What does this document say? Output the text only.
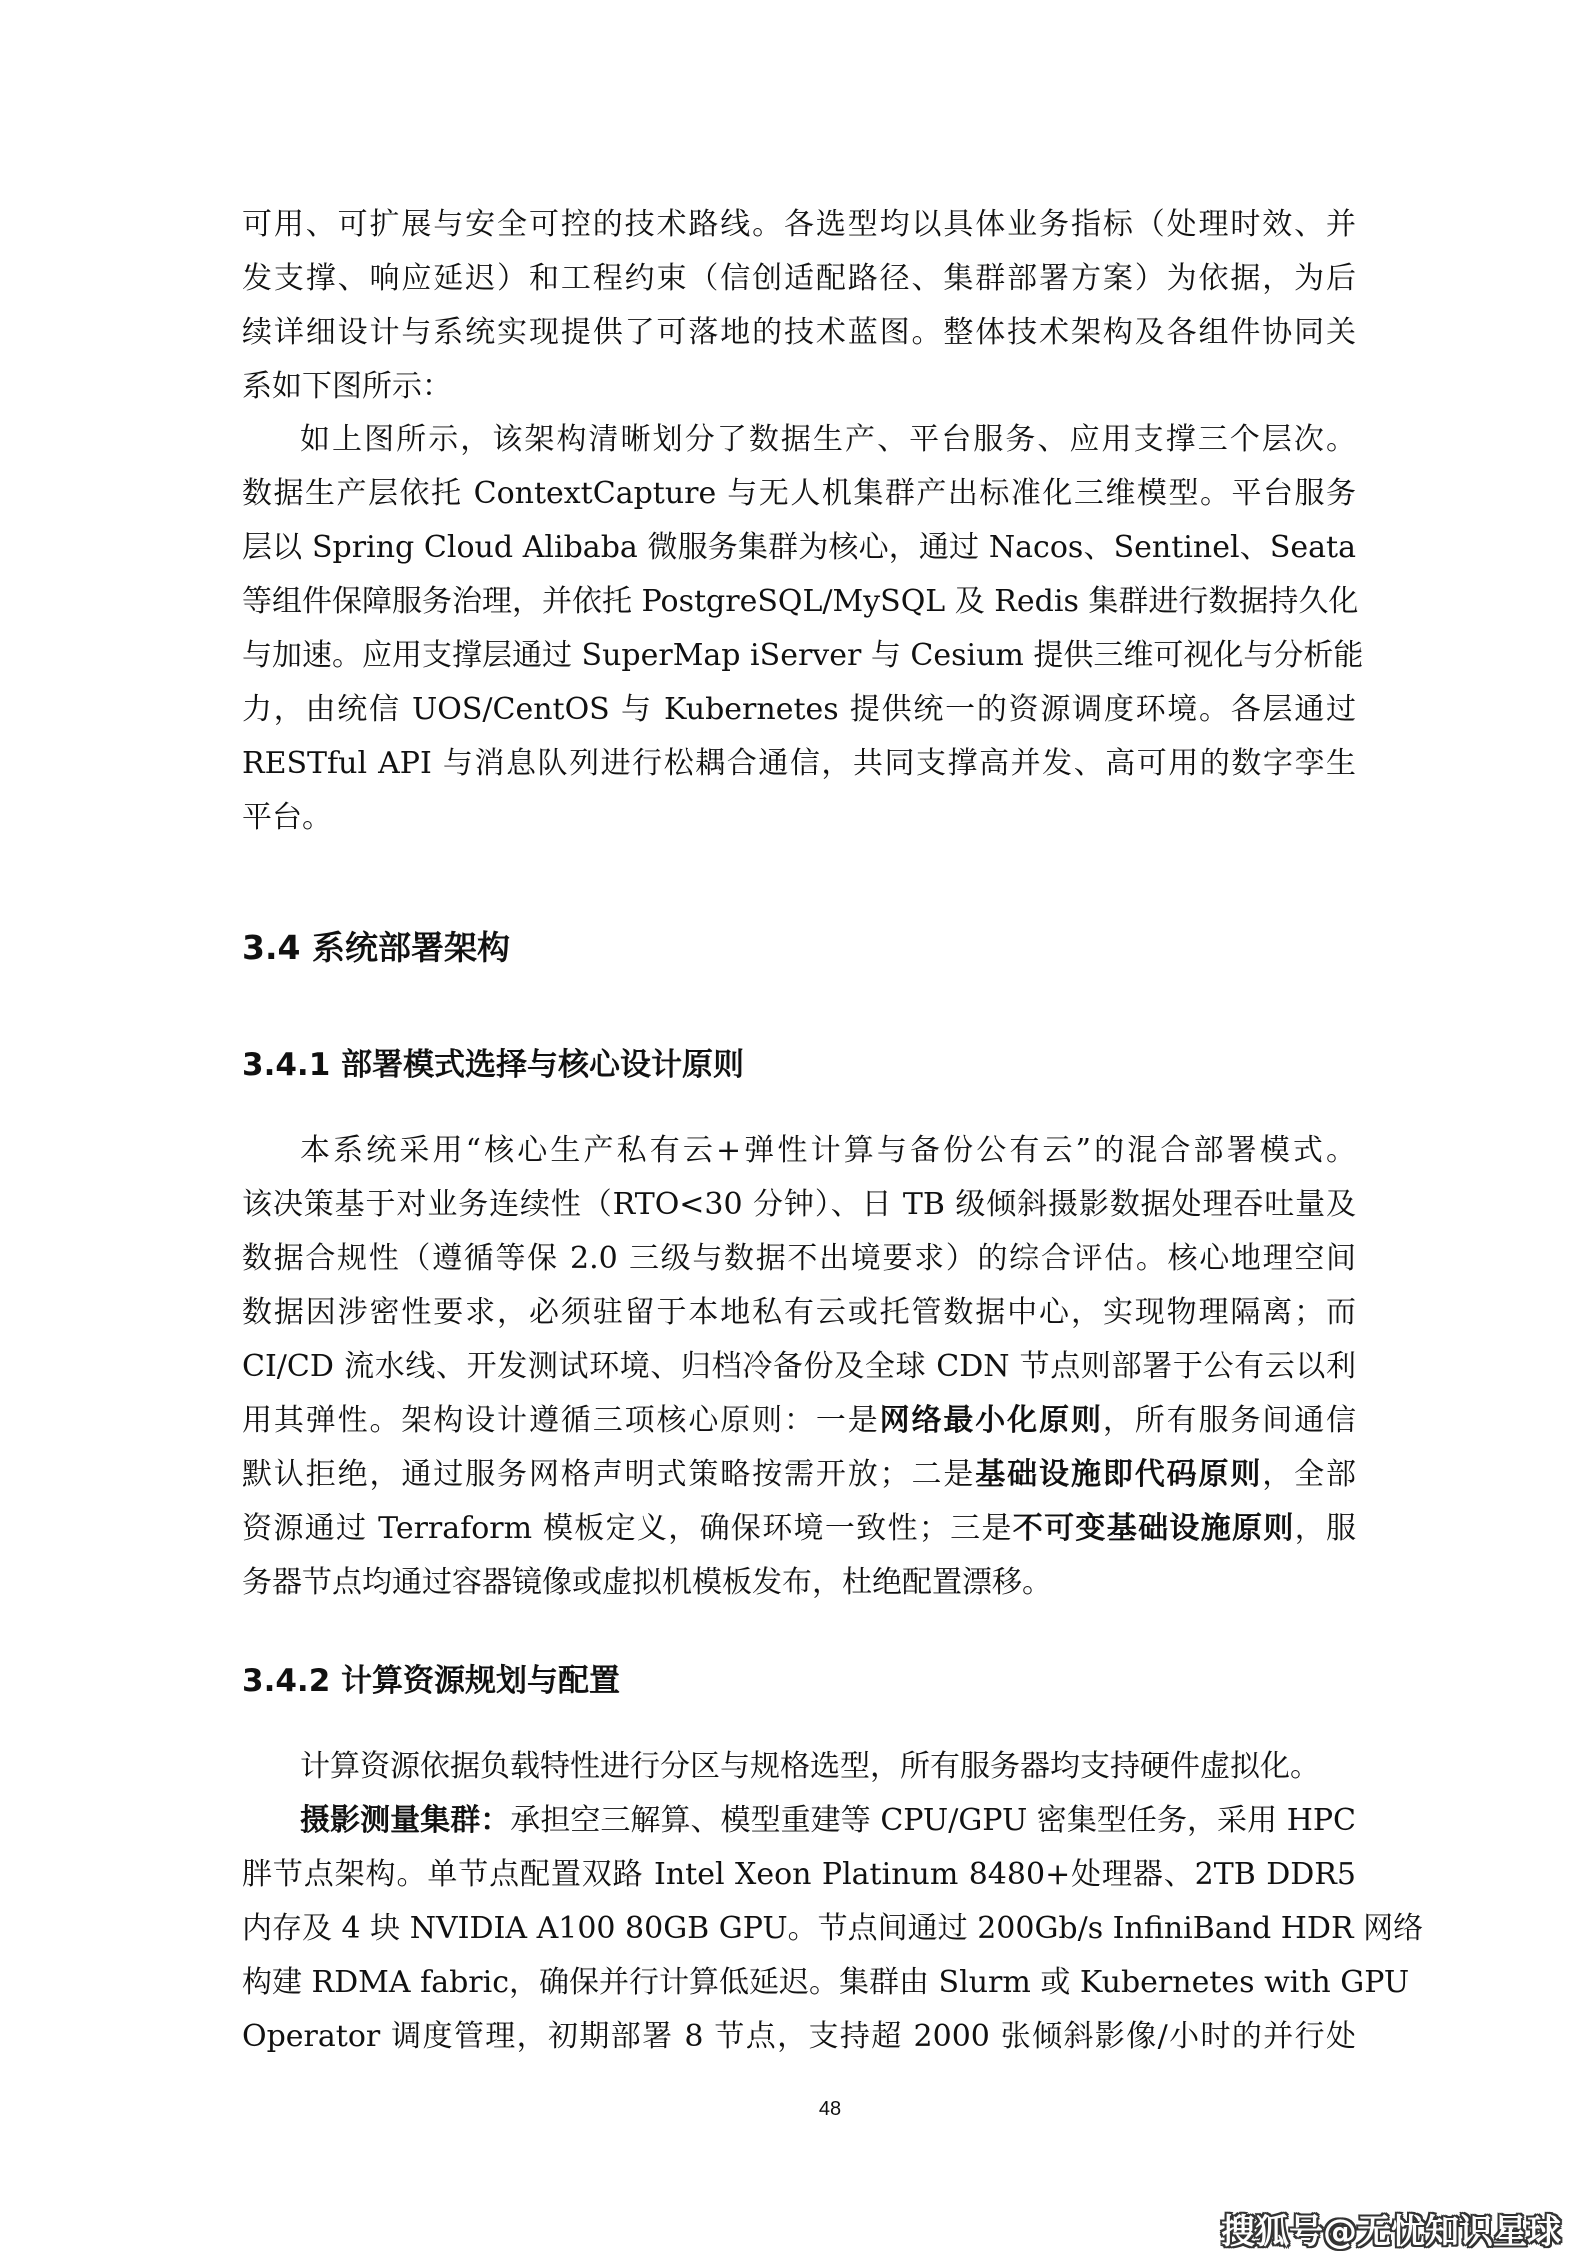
可用、可扩展与安全可控的技术路线。各选型均以具体业务指标（处理时效、并
发支撑、响应延迟）和工程约束（信创适配路径、集群部署方案）为依据，为后
续详细设计与系统实现提供了可落地的技术蓝图。整体技术架构及各组件协同关
系如下图所示：
如上图所示，该架构清晰划分了数据生产、平台服务、应用支撑三个层次。
数据生产层依托 ContextCapture 与无人机集群产出标准化三维模型。平台服务
层以 Spring Cloud Alibaba 微服务集群为核心，通过 Nacos、Sentinel、Seata
等组件保障服务治理，并依托 PostgreSQL/MySQL 及 Redis 集群进行数据持久化
与加速。应用支撑层通过 SuperMap iServer 与 Cesium 提供三维可视化与分析能
力，由统信 UOS/CentOS 与 Kubernetes 提供统一的资源调度环境。各层通过
RESTful API 与消息队列进行松耦合通信，共同支撑高并发、高可用的数字孪生
平台。
3.4 系统部署架构
3.4.1 部署模式选择与核心设计原则
本系统采用“核心生产私有云+弹性计算与备份公有云”的混合部署模式。
该决策基于对业务连续性（RTO<30 分钟）、日 TB 级倾斜摄影数据处理吞吐量及
数据合规性（遵循等保 2.0 三级与数据不出境要求）的综合评估。核心地理空间
数据因涉密性要求，必须驻留于本地私有云或托管数据中心，实现物理隔离；而
CI/CD 流水线、开发测试环境、归档冷备份及全球 CDN 节点则部署于公有云以利
用其弹性。架构设计遵循三项核心原则：一是网络最小化原则，所有服务间通信
默认拒绝，通过服务网格声明式策略按需开放；二是基础设施即代码原则，全部
资源通过 Terraform 模板定义，确保环境一致性；三是不可变基础设施原则，服
务器节点均通过容器镜像或虚拟机模板发布，杜绝配置漂移。
3.4.2 计算资源规划与配置
计算资源依据负载特性进行分区与规格选型，所有服务器均支持硬件虚拟化。
摄影测量集群：承担空三解算、模型重建等 CPU/GPU 密集型任务，采用 HPC
胖节点架构。单节点配置双路 Intel Xeon Platinum 8480+处理器、2TB DDR5
内存及 4 块 NVIDIA A100 80GB GPU。节点间通过 200Gb/s InfiniBand HDR 网络
构建 RDMA fabric，确保并行计算低延迟。集群由 Slurm 或 Kubernetes with GPU
Operator 调度管理，初期部署 8 节点，支持超 2000 张倾斜影像/小时的并行处
48
搜狐号@无忧知识星球
